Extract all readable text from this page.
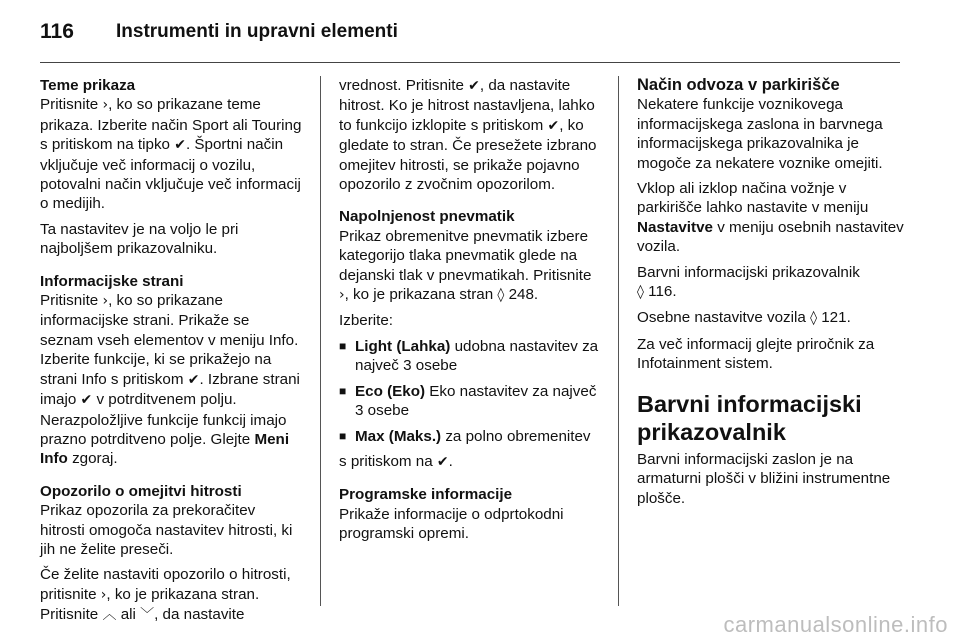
116	Instrumenti in upravni elementi

Teme prikaza

Pritisnite ›, ko so prikazane teme prikaza. Izberite način Sport ali Touring s pritiskom na tipko ✔. Športni način vključuje več informacij o vozilu, potovalni način vključuje več informacij o medijih.

Ta nastavitev je na voljo le pri najboljšem prikazovalniku.

Informacijske strani

Pritisnite ›, ko so prikazane informacijske strani. Prikaže se seznam vseh elementov v meniju Info. Izberite funkcije, ki se prikažejo na strani Info s pritiskom ✔. Izbrane strani imajo ✔ v potrditvenem polju. Nerazpoložljive funkcije funkcij imajo prazno potrditveno polje. Glejte Meni Info zgoraj.

Opozorilo o omejitvi hitrosti

Prikaz opozorila za prekoračitev hitrosti omogoča nastavitev hitrosti, ki jih ne želite preseči.

Če želite nastaviti opozorilo o hitrosti, pritisnite ›, ko je prikazana stran. Pritisnite ︿ ali ﹀, da nastavite

vrednost. Pritisnite ✔, da nastavite hitrost. Ko je hitrost nastavljena, lahko to funkcijo izklopite s pritiskom ✔, ko gledate to stran. Če presežete izbrano omejitev hitrosti, se prikaže pojavno opozorilo z zvočnim opozorilom.

Napolnjenost pnevmatik

Prikaz obremenitve pnevmatik izbere kategorijo tlaka pnevmatik glede na dejanski tlak v pnevmatikah. Pritisnite ›, ko je prikazana stran ◊ 248.

Izberite:

■ Light (Lahka) udobna nastavitev za največ 3 osebe
■ Eco (Eko) Eko nastavitev za največ 3 osebe
■ Max (Maks.) za polno obremenitev

s pritiskom na ✔.

Programske informacije

Prikaže informacije o odprtokodni programski opremi.

Način odvoza v parkirišče

Nekatere funkcije voznikovega informacijskega zaslona in barvnega informacijskega prikazovalnika je mogoče za nekatere voznike omejiti.

Vklop ali izklop načina vožnje v parkirišče lahko nastavite v meniju Nastavitve v meniju osebnih nastavitev vozila.

Barvni informacijski prikazovalnik
◊ 116.

Osebne nastavitve vozila ◊ 121.

Za več informacij glejte priročnik za Infotainment sistem.

Barvni informacijski prikazovalnik

Barvni informacijski zaslon je na armaturni plošči v bližini instrumentne plošče.

carmanualsonline.info
